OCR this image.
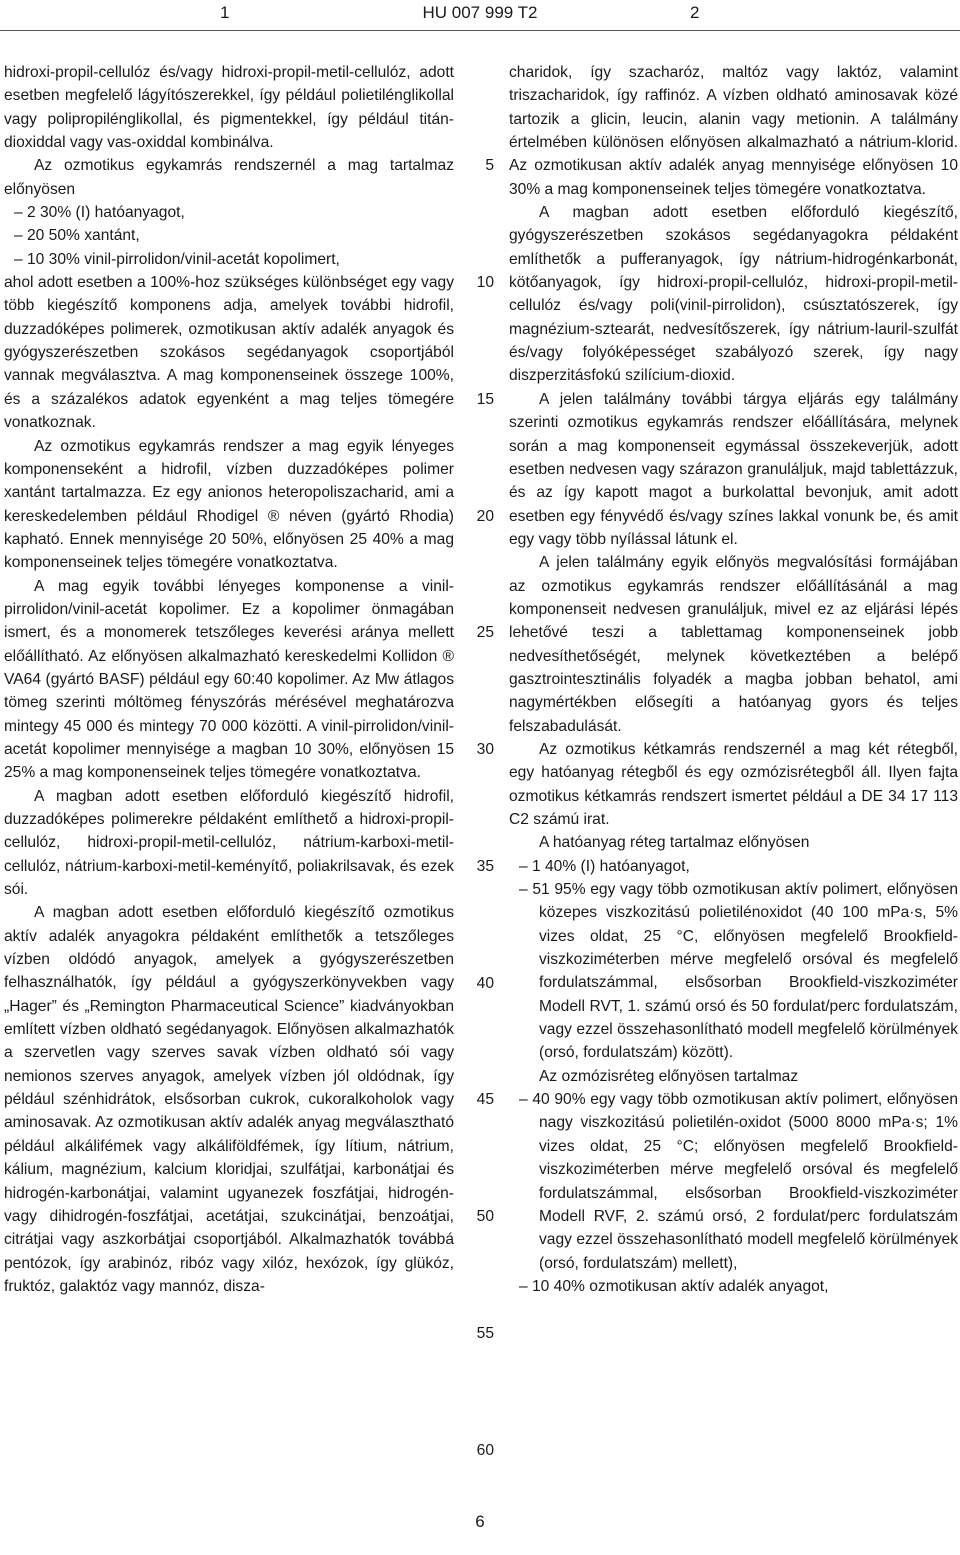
1	HU 007 999 T2	2

hidroxi-propil-cellulóz és/vagy hidroxi-propil-metil-cellulóz, adott esetben megfelelő lágyítószerekkel, így például polietilénglikollal vagy polipropilénglikollal, és pigmentekkel, így például titán-dioxiddal vagy vas-oxiddal kombinálva.

Az ozmotikus egykamrás rendszernél a mag tartalmaz előnyösen

– 2 30% (I) hatóanyagot,

– 20 50% xantánt,

– 10 30% vinil-pirrolidon/vinil-acetát kopolimert,

ahol adott esetben a 100%-hoz szükséges különbséget egy vagy több kiegészítő komponens adja, amelyek további hidrofil, duzzadóképes polimerek, ozmotikusan aktív adalék anyagok és gyógyszerészetben szokásos segédanyagok csoportjából vannak megválasztva. A mag komponenseinek összege 100%, és a százalékos adatok egyenként a mag teljes tömegére vonatkoznak.

Az ozmotikus egykamrás rendszer a mag egyik lényeges komponenseként a hidrofil, vízben duzzadóképes polimer xantánt tartalmazza. Ez egy anionos heteropoliszacharid, ami a kereskedelemben például Rhodigel ® néven (gyártó Rhodia) kapható. Ennek mennyisége 20 50%, előnyösen 25 40% a mag komponenseinek teljes tömegére vonatkoztatva.

A mag egyik további lényeges komponense a vinil-pirrolidon/vinil-acetát kopolimer. Ez a kopolimer önmagában ismert, és a monomerek tetszőleges keverési aránya mellett előállítható. Az előnyösen alkalmazható kereskedelmi Kollidon ® VA64 (gyártó BASF) például egy 60:40 kopolimer. Az Mw átlagos tömeg szerinti móltömeg fényszórás mérésével meghatározva mintegy 45 000 és mintegy 70 000 közötti. A vinil-pirrolidon/vinil-acetát kopolimer mennyisége a magban 10 30%, előnyösen 15 25% a mag komponenseinek teljes tömegére vonatkoztatva.

A magban adott esetben előforduló kiegészítő hidrofil, duzzadóképes polimerekre példaként említhető a hidroxi-propil-cellulóz, hidroxi-propil-metil-cellulóz, nátrium-karboxi-metil-cellulóz, nátrium-karboxi-metil-keményítő, poliakrilsavak, és ezek sói.

A magban adott esetben előforduló kiegészítő ozmotikus aktív adalék anyagokra példaként említhetők a tetszőleges vízben oldódó anyagok, amelyek a gyógyszerészetben felhasználhatók, így például a gyógyszerkönyvekben vagy „Hager” és „Remington Pharmaceutical Science” kiadványokban említett vízben oldható segédanyagok. Előnyösen alkalmazhatók a szervetlen vagy szerves savak vízben oldható sói vagy nemionos szerves anyagok, amelyek vízben jól oldódnak, így például szénhidrátok, elsősorban cukrok, cukoralkoholok vagy aminosavak. Az ozmotikusan aktív adalék anyag megválasztható például alkálifémek vagy alkáliföldfémek, így lítium, nátrium, kálium, magnézium, kalcium kloridjai, szulfátjai, karbonátjai és hidrogén-karbonátjai, valamint ugyanezek foszfátjai, hidrogén- vagy dihidrogén-foszfátjai, acetátjai, szukcinátjai, benzoátjai, citrátjai vagy aszkorbátjai csoportjából. Alkalmazhatók továbbá pentózok, így arabinóz, ribóz vagy xilóz, hexózok, így glükóz, fruktóz, galaktóz vagy mannóz, disza-

5
10
15
20
25
30
35
40
45
50
55
60

charidok, így szacharóz, maltóz vagy laktóz, valamint triszacharidok, így raffinóz. A vízben oldható aminosavak közé tartozik a glicin, leucin, alanin vagy metionin. A találmány értelmében különösen előnyösen alkalmazható a nátrium-klorid. Az ozmotikusan aktív adalék anyag mennyisége előnyösen 10 30% a mag komponenseinek teljes tömegére vonatkoztatva.

A magban adott esetben előforduló kiegészítő, gyógyszerészetben szokásos segédanyagokra példaként említhetők a pufferanyagok, így nátrium-hidrogénkarbonát, kötőanyagok, így hidroxi-propil-cellulóz, hidroxi-propil-metil-cellulóz és/vagy poli(vinil-pirrolidon), csúsztatószerek, így magnézium-sztearát, nedvesítőszerek, így nátrium-lauril-szulfát és/vagy folyóképességet szabályozó szerek, így nagy diszperzitásfokú szilícium-dioxid.

A jelen találmány további tárgya eljárás egy találmány szerinti ozmotikus egykamrás rendszer előállítására, melynek során a mag komponenseit egymással összekeverjük, adott esetben nedvesen vagy szárazon granuláljuk, majd tablettázzuk, és az így kapott magot a burkolattal bevonjuk, amit adott esetben egy fényvédő és/vagy színes lakkal vonunk be, és amit egy vagy több nyílással látunk el.

A jelen találmány egyik előnyös megvalósítási formájában az ozmotikus egykamrás rendszer előállításánál a mag komponenseit nedvesen granuláljuk, mivel ez az eljárási lépés lehetővé teszi a tablettamag komponenseinek jobb nedvesíthetőségét, melynek következtében a belépő gasztrointesztinális folyadék a magba jobban behatol, ami nagymértékben elősegíti a hatóanyag gyors és teljes felszabadulását.

Az ozmotikus kétkamrás rendszernél a mag két rétegből, egy hatóanyag rétegből és egy ozmózisrétegből áll. Ilyen fajta ozmotikus kétkamrás rendszert ismertet például a DE 34 17 113 C2 számú irat.

A hatóanyag réteg tartalmaz előnyösen

– 1 40% (I) hatóanyagot,

– 51 95% egy vagy több ozmotikusan aktív polimert, előnyösen közepes viszkozitású polietilénoxidot (40 100 mPa·s, 5% vizes oldat, 25 °C, előnyösen megfelelő Brookfield-viszkoziméterben mérve megfelelő orsóval és megfelelő fordulatszámmal, elsősorban Brookfield-viszkoziméter Modell RVT, 1. számú orsó és 50 fordulat/perc fordulatszám, vagy ezzel összehasonlítható modell megfelelő körülmények (orsó, fordulatszám) között).

Az ozmózisréteg előnyösen tartalmaz

– 40 90% egy vagy több ozmotikusan aktív polimert, előnyösen nagy viszkozitású polietilén-oxidot (5000 8000 mPa·s; 1% vizes oldat, 25 °C; előnyösen megfelelő Brookfield-viszkoziméterben mérve megfelelő orsóval és megfelelő fordulatszámmal, elsősorban Brookfield-viszkoziméter Modell RVF, 2. számú orsó, 2 fordulat/perc fordulatszám vagy ezzel összehasonlítható modell megfelelő körülmények (orsó, fordulatszám) mellett),

– 10 40% ozmotikusan aktív adalék anyagot,

6
